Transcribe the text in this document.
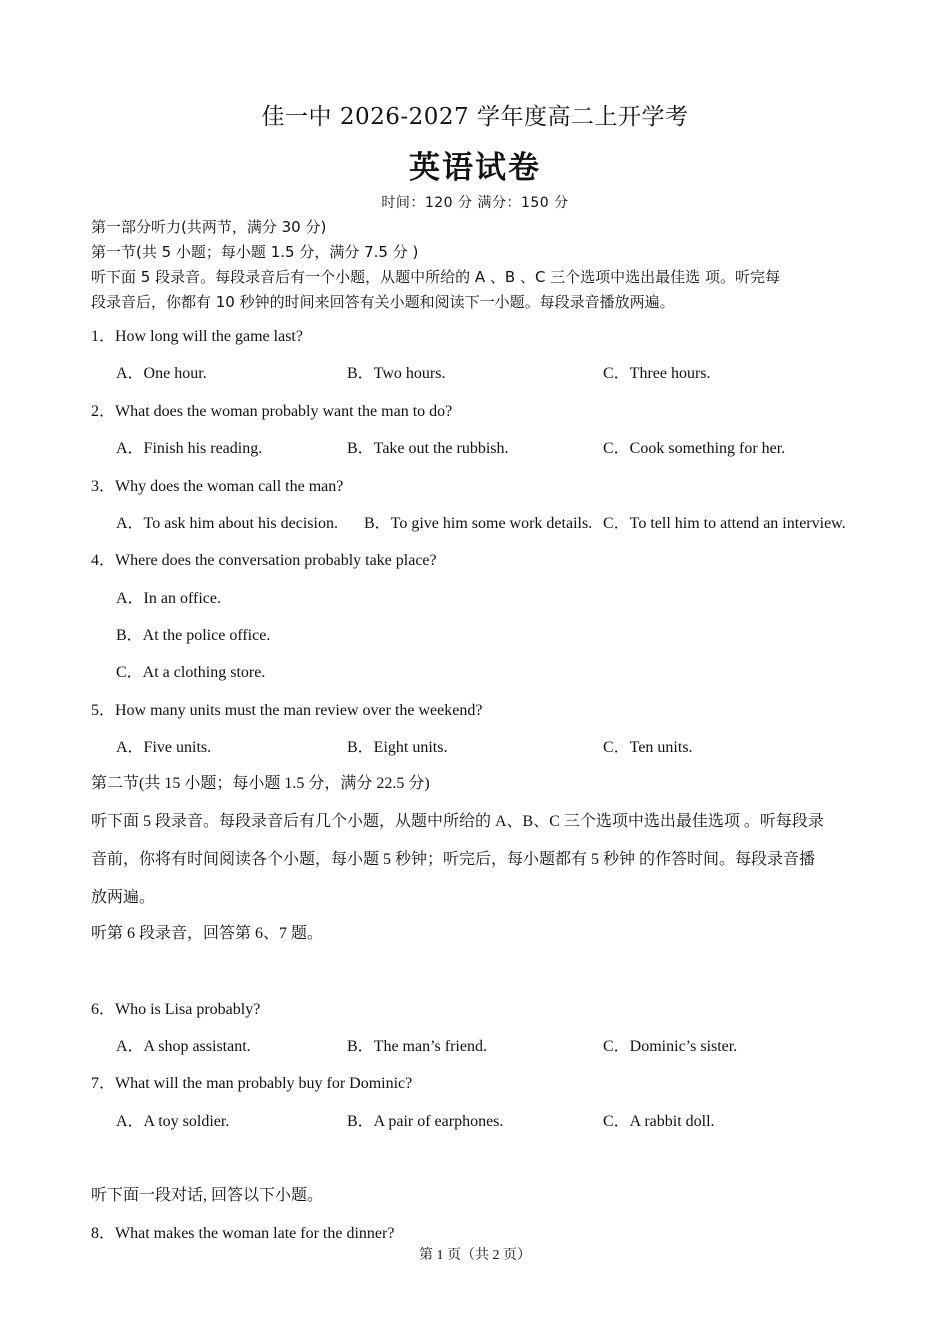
佳一中 2026-2027 学年度高二上开学考
英语试卷
时间：120 分 满分：150 分
第一部分听力(共两节，满分 30 分)
第一节(共 5 小题；每小题 1.5 分，满分 7.5 分 )
听下面 5 段录音。每段录音后有一个小题，从题中所给的 A 、B 、C 三个选项中选出最佳选 项。听完每
段录音后，你都有 10 秒钟的时间来回答有关小题和阅读下一小题。每段录音播放两遍。
1．How long will the game last?
A．One hour.	B．Two hours.	C．Three hours.
2．What does the woman probably want the man to do?
A．Finish his reading.	B．Take out the rubbish.	C．Cook something for her.
3．Why does the woman call the man?
A．To ask him about his decision. B．To give him some work details. C．To tell him to attend an interview.
4．Where does the conversation probably take place?
A．In an office.
B．At the police office.
C．At a clothing store.
5．How many units must the man review over the weekend?
A．Five units.	B．Eight units.	C．Ten units.
第二节(共 15 小题；每小题 1.5 分，满分 22.5 分)
听下面 5 段录音。每段录音后有几个小题，从题中所给的 A、B、C 三个选项中选出最佳选项 。听每段录
音前，你将有时间阅读各个小题，每小题 5 秒钟；听完后，每小题都有 5 秒钟 的作答时间。每段录音播
放两遍。
听第 6 段录音，回答第 6、7 题。
6．Who is Lisa probably?
A．A shop assistant.	B．The man’s friend.	C．Dominic’s sister.
7．What will the man probably buy for Dominic?
A．A toy soldier.	B．A pair of earphones.	C．A rabbit doll.
听下面一段对话, 回答以下小题。
8．What makes the woman late for the dinner?
第 1 页（共 2 页）
